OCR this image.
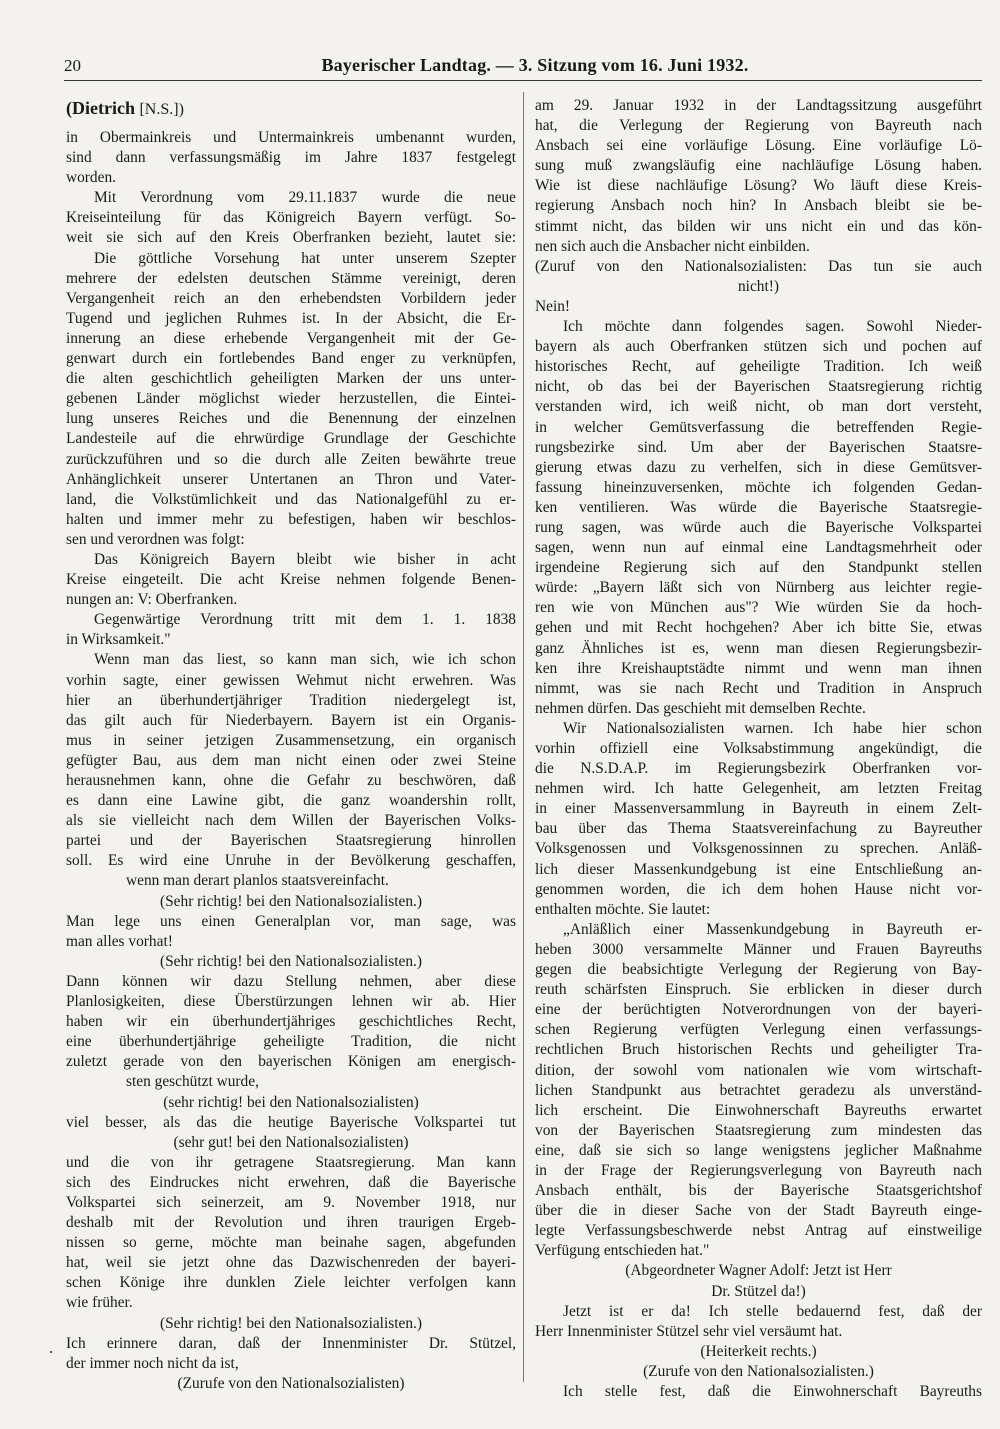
20	Bayerischer Landtag. — 3. Sitzung vom 16. Juni 1932.
(Dietrich [N.S.])
in Obermainkreis und Untermainkreis umbenannt wurden,
sind dann verfassungsmäßig im Jahre 1837 festgelegt
worden.
Mit Verordnung vom 29.11.1837 wurde die neue
Kreiseinteilung für das Königreich Bayern verfügt. So-
weit sie sich auf den Kreis Oberfranken bezieht, lautet sie:
Die göttliche Vorsehung hat unter unserem Szepter
mehrere der edelsten deutschen Stämme vereinigt, deren
Vergangenheit reich an den erhebendsten Vorbildern jeder
Tugend und jeglichen Ruhmes ist. In der Absicht, die Er-
innerung an diese erhebende Vergangenheit mit der Ge-
genwart durch ein fortlebendes Band enger zu verknüpfen,
die alten geschichtlich geheiligten Marken der uns unter-
gebenen Länder möglichst wieder herzustellen, die Eintei-
lung unseres Reiches und die Benennung der einzelnen
Landesteile auf die ehrwürdige Grundlage der Geschichte
zurückzuführen und so die durch alle Zeiten bewährte treue
Anhänglichkeit unserer Untertanen an Thron und Vater-
land, die Volkstümlichkeit und das Nationalgefühl zu er-
halten und immer mehr zu befestigen, haben wir beschlos-
sen und verordnen was folgt:
Das Königreich Bayern bleibt wie bisher in acht
Kreise eingeteilt. Die acht Kreise nehmen folgende Benen-
nungen an: V: Oberfranken.
Gegenwärtige Verordnung tritt mit dem 1. 1. 1838
in Wirksamkeit."
Wenn man das liest, so kann man sich, wie ich schon
vorhin sagte, einer gewissen Wehmut nicht erwehren. Was
hier an überhundertjähriger Tradition niedergelegt ist,
das gilt auch für Niederbayern. Bayern ist ein Organis-
mus in seiner jetzigen Zusammensetzung, ein organisch
gefügter Bau, aus dem man nicht einen oder zwei Steine
herausnehmen kann, ohne die Gefahr zu beschwören, daß
es dann eine Lawine gibt, die ganz woandershin rollt,
als sie vielleicht nach dem Willen der Bayerischen Volks-
partei und der Bayerischen Staatsregierung hinrollen
soll. Es wird eine Unruhe in der Bevölkerung geschaffen,
wenn man derart planlos staatsvereinfacht.
(Sehr richtig! bei den Nationalsozialisten.)
Man lege uns einen Generalplan vor, man sage, was
man alles vorhat!
(Sehr richtig! bei den Nationalsozialisten.)
Dann können wir dazu Stellung nehmen, aber diese
Planlosigkeiten, diese Überstürzungen lehnen wir ab. Hier
haben wir ein überhundertjähriges geschichtliches Recht,
eine überhundertjährige geheiligte Tradition, die nicht
zuletzt gerade von den bayerischen Königen am energisch-
sten geschützt wurde,
(sehr richtig! bei den Nationalsozialisten)
viel besser, als das die heutige Bayerische Volkspartei tut
(sehr gut! bei den Nationalsozialisten)
und die von ihr getragene Staatsregierung. Man kann
sich des Eindruckes nicht erwehren, daß die Bayerische
Volkspartei sich seinerzeit, am 9. November 1918, nur
deshalb mit der Revolution und ihren traurigen Ergeb-
nissen so gerne, möchte man beinahe sagen, abgefunden
hat, weil sie jetzt ohne das Dazwischenreden der bayeri-
schen Könige ihre dunklen Ziele leichter verfolgen kann
wie früher.
(Sehr richtig! bei den Nationalsozialisten.)
Ich erinnere daran, daß der Innenminister Dr. Stützel,
der immer noch nicht da ist,
(Zurufe von den Nationalsozialisten)
am 29. Januar 1932 in der Landtagssitzung ausgeführt
hat, die Verlegung der Regierung von Bayreuth nach
Ansbach sei eine vorläufige Lösung. Eine vorläufige Lö-
sung muß zwangsläufig eine nachläufige Lösung haben.
Wie ist diese nachläufige Lösung? Wo läuft diese Kreis-
regierung Ansbach noch hin? In Ansbach bleibt sie be-
stimmt nicht, das bilden wir uns nicht ein und das kön-
nen sich auch die Ansbacher nicht einbilden.
(Zuruf von den Nationalsozialisten: Das tun sie auch
nicht!)
Nein!
Ich möchte dann folgendes sagen. Sowohl Nieder-
bayern als auch Oberfranken stützen sich und pochen auf
historisches Recht, auf geheiligte Tradition. Ich weiß
nicht, ob das bei der Bayerischen Staatsregierung richtig
verstanden wird, ich weiß nicht, ob man dort versteht,
in welcher Gemütsverfassung die betreffenden Regie-
rungsbezirke sind. Um aber der Bayerischen Staatsre-
gierung etwas dazu zu verhelfen, sich in diese Gemütsver-
fassung hineinzuversenken, möchte ich folgenden Gedan-
ken ventilieren. Was würde die Bayerische Staatsregie-
rung sagen, was würde auch die Bayerische Volkspartei
sagen, wenn nun auf einmal eine Landtagsmehrheit oder
irgendeine Regierung sich auf den Standpunkt stellen
würde: „Bayern läßt sich von Nürnberg aus leichter regie-
ren wie von München aus"? Wie würden Sie da hoch-
gehen und mit Recht hochgehen? Aber ich bitte Sie, etwas
ganz Ähnliches ist es, wenn man diesen Regierungsbezir-
ken ihre Kreishauptstädte nimmt und wenn man ihnen
nimmt, was sie nach Recht und Tradition in Anspruch
nehmen dürfen. Das geschieht mit demselben Rechte.
Wir Nationalsozialisten warnen. Ich habe hier schon
vorhin offiziell eine Volksabstimmung angekündigt, die
die N.S.D.A.P. im Regierungsbezirk Oberfranken vor-
nehmen wird. Ich hatte Gelegenheit, am letzten Freitag
in einer Massenversammlung in Bayreuth in einem Zelt-
bau über das Thema Staatsvereinfachung zu Bayreuther
Volksgenossen und Volksgenossinnen zu sprechen. Anläß-
lich dieser Massenkundgebung ist eine Entschließung an-
genommen worden, die ich dem hohen Hause nicht vor-
enthalten möchte. Sie lautet:
„Anläßlich einer Massenkundgebung in Bayreuth er-
heben 3000 versammelte Männer und Frauen Bayreuths
gegen die beabsichtigte Verlegung der Regierung von Bay-
reuth schärfsten Einspruch. Sie erblicken in dieser durch
eine der berüchtigten Notverordnungen von der bayeri-
schen Regierung verfügten Verlegung einen verfassungs-
rechtlichen Bruch historischen Rechts und geheiligter Tra-
dition, der sowohl vom nationalen wie vom wirtschaft-
lichen Standpunkt aus betrachtet geradezu als unverständ-
lich erscheint. Die Einwohnerschaft Bayreuths erwartet
von der Bayerischen Staatsregierung zum mindesten das
eine, daß sie sich so lange wenigstens jeglicher Maßnahme
in der Frage der Regierungsverlegung von Bayreuth nach
Ansbach enthält, bis der Bayerische Staatsgerichtshof
über die in dieser Sache von der Stadt Bayreuth einge-
legte Verfassungsbeschwerde nebst Antrag auf einstweilige
Verfügung entschieden hat."
(Abgeordneter Wagner Adolf: Jetzt ist Herr
Dr. Stützel da!)
Jetzt ist er da! Ich stelle bedauernd fest, daß der
Herr Innenminister Stützel sehr viel versäumt hat.
(Heiterkeit rechts.)
(Zurufe von den Nationalsozialisten.)
Ich stelle fest, daß die Einwohnerschaft Bayreuths
